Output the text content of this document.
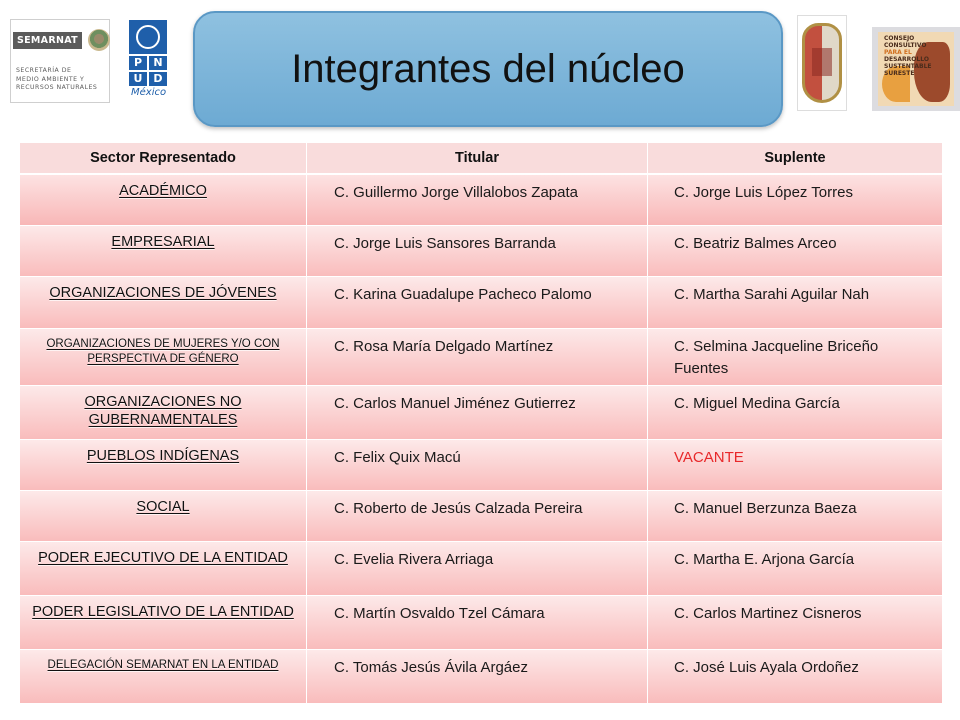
SEMARNAT
SECRETARÍA DE
MEDIO AMBIENTE Y
RECURSOS NATURALES
P	N
U D
México
Integrantes del núcleo
CONSEJO
CONSULTIVO
PARA EL
DESARROLLO
SUSTENTABLE
SURESTE
Sector Representado	Titular	Suplente
ACADÉMICO	C. Guillermo Jorge Villalobos Zapata	C. Jorge Luis López Torres
EMPRESARIAL	C. Jorge Luis Sansores Barranda	C. Beatriz Balmes Arceo
ORGANIZACIONES DE JÓVENES	C. Karina Guadalupe Pacheco Palomo	C. Martha Sarahi Aguilar Nah
ORGANIZACIONES DE MUJERES Y/O CON PERSPECTIVA DE GÉNERO	C. Rosa María Delgado Martínez	C. Selmina Jacqueline Briceño Fuentes
ORGANIZACIONES NO GUBERNAMENTALES	C. Carlos Manuel Jiménez Gutierrez	C. Miguel Medina García
PUEBLOS INDÍGENAS	C. Felix Quix Macú	VACANTE
SOCIAL	C. Roberto de Jesús Calzada Pereira	C. Manuel Berzunza Baeza
PODER EJECUTIVO DE LA ENTIDAD	C. Evelia Rivera Arriaga	C. Martha E. Arjona García
PODER LEGISLATIVO DE LA ENTIDAD	C. Martín Osvaldo Tzel Cámara	C. Carlos Martinez Cisneros
DELEGACIÓN SEMARNAT EN LA ENTIDAD	C. Tomás Jesús Ávila Argáez	C. José Luis Ayala Ordoñez
